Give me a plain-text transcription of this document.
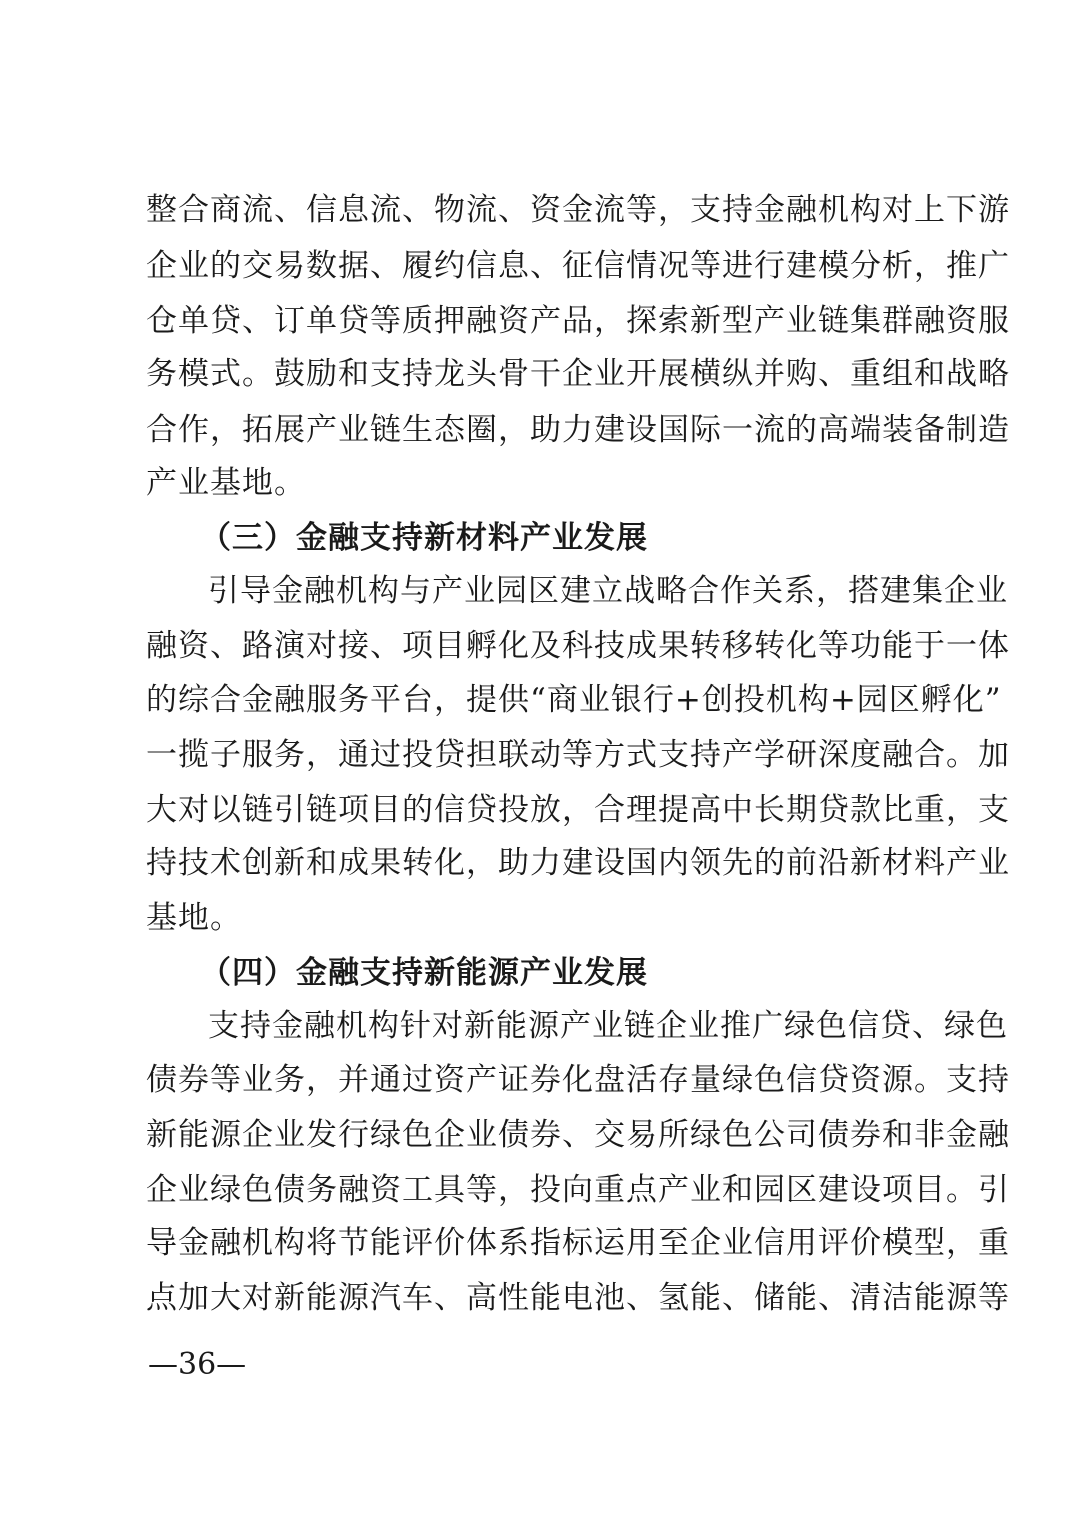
整合商流、信息流、物流、资金流等，支持金融机构对上下游
企业的交易数据、履约信息、征信情况等进行建模分析，推广
仓单贷、订单贷等质押融资产品，探索新型产业链集群融资服
务模式。鼓励和支持龙头骨干企业开展横纵并购、重组和战略
合作，拓展产业链生态圈，助力建设国际一流的高端装备制造
产业基地。
（三）金融支持新材料产业发展
引导金融机构与产业园区建立战略合作关系，搭建集企业
融资、路演对接、项目孵化及科技成果转移转化等功能于一体
的综合金融服务平台，提供“商业银行+创投机构+园区孵化”
一揽子服务，通过投贷担联动等方式支持产学研深度融合。加
大对以链引链项目的信贷投放，合理提高中长期贷款比重，支
持技术创新和成果转化，助力建设国内领先的前沿新材料产业
基地。
（四）金融支持新能源产业发展
支持金融机构针对新能源产业链企业推广绿色信贷、绿色
债券等业务，并通过资产证券化盘活存量绿色信贷资源。支持
新能源企业发行绿色企业债券、交易所绿色公司债券和非金融
企业绿色债务融资工具等，投向重点产业和园区建设项目。引
导金融机构将节能评价体系指标运用至企业信用评价模型，重
点加大对新能源汽车、高性能电池、氢能、储能、清洁能源等
—36—
